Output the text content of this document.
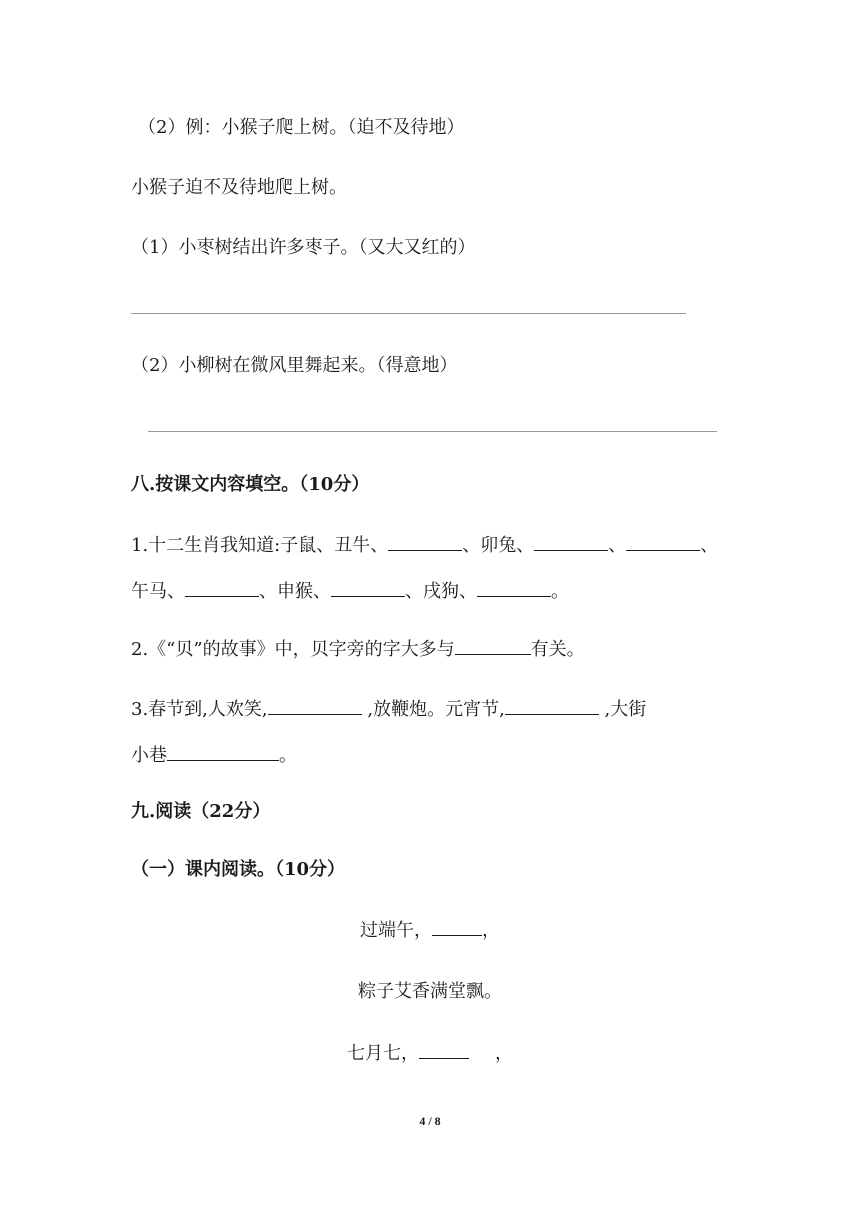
（2）例：小猴子爬上树。（迫不及待地）
小猴子迫不及待地爬上树。
（1）小枣树结出许多枣子。（又大又红的）
（2）小柳树在微风里舞起来。（得意地）
八.按课文内容填空。（10分）
1.十二生肖我知道:子鼠、丑牛、	、卯兔、	、	、
午马、	、申猴、	、戌狗、	。
2.《“贝”的故事》中，贝字旁的字大多与	有关。
3.春节到,人欢笑,	,放鞭炮。元宵节,	,大街
小巷	。
九.阅读（22分）
（一）课内阅读。（10分）
过端午，	，
粽子艾香满堂飘。
七月七，	，
4 / 8
